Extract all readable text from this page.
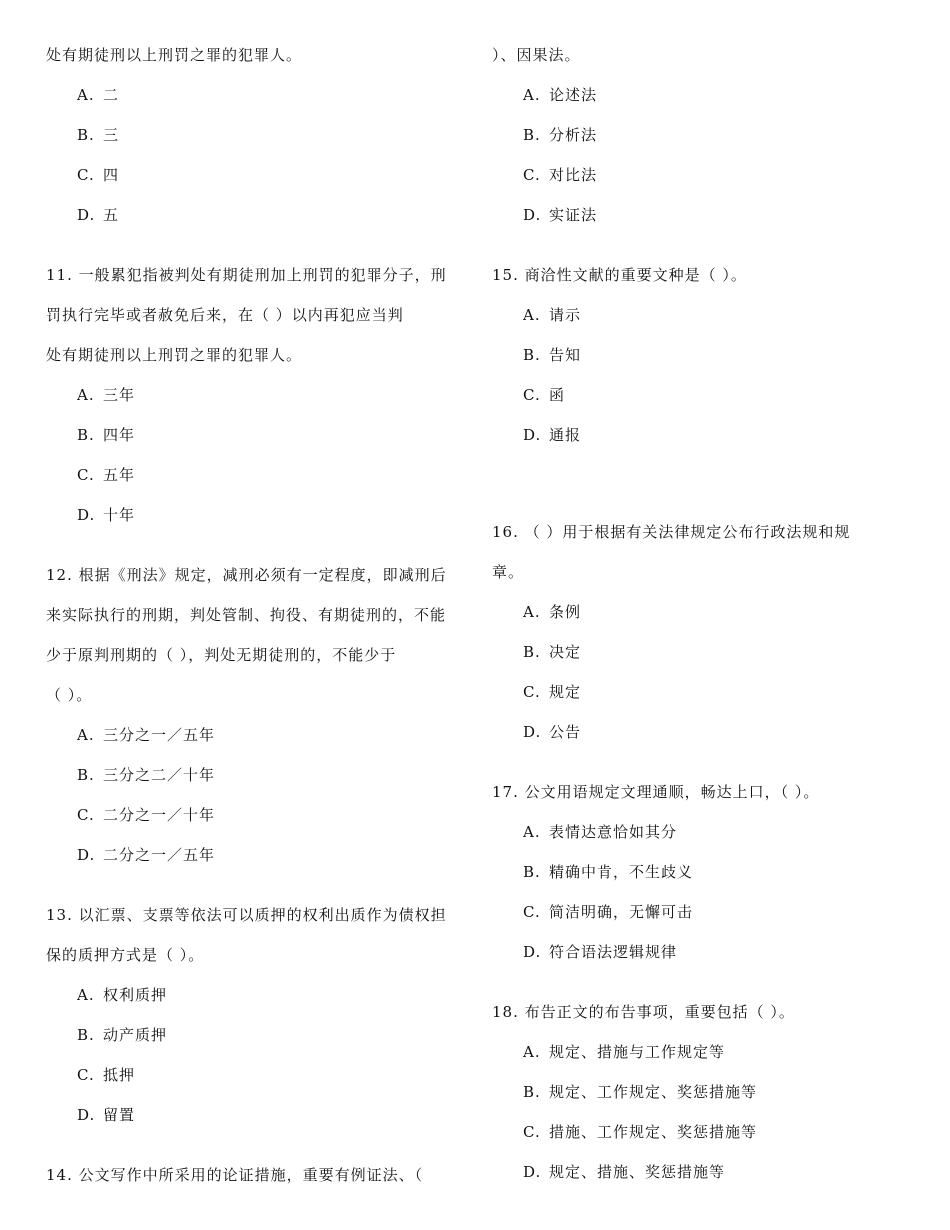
处有期徒刑以上刑罚之罪的犯罪人。
A. 二
B. 三
C. 四
D. 五
11. 一般累犯指被判处有期徒刑加上刑罚的犯罪分子，刑
罚执行完毕或者赦免后来，在（ ）以内再犯应当判
处有期徒刑以上刑罚之罪的犯罪人。
A. 三年
B. 四年
C. 五年
D. 十年
12. 根据《刑法》规定，减刑必须有一定程度，即减刑后
来实际执行的刑期，判处管制、拘役、有期徒刑的，不能
少于原判刑期的（ ），判处无期徒刑的，不能少于
（ ）。
A. 三分之一／五年
B. 三分之二／十年
C. 二分之一／十年
D. 二分之一／五年
13. 以汇票、支票等依法可以质押的权利出质作为债权担
保的质押方式是（ ）。
A. 权利质押
B. 动产质押
C. 抵押
D. 留置
14. 公文写作中所采用的论证措施，重要有例证法、（
）、因果法。
A. 论述法
B. 分析法
C. 对比法
D. 实证法
15. 商洽性文献的重要文种是（ ）。
A. 请示
B. 告知
C. 函
D. 通报
16. （ ）用于根据有关法律规定公布行政法规和规
章。
A. 条例
B. 决定
C. 规定
D. 公告
17. 公文用语规定文理通顺，畅达上口，（ ）。
A. 表情达意恰如其分
B. 精确中肯，不生歧义
C. 简洁明确，无懈可击
D. 符合语法逻辑规律
18. 布告正文的布告事项，重要包括（ ）。
A. 规定、措施与工作规定等
B. 规定、工作规定、奖惩措施等
C. 措施、工作规定、奖惩措施等
D. 规定、措施、奖惩措施等
